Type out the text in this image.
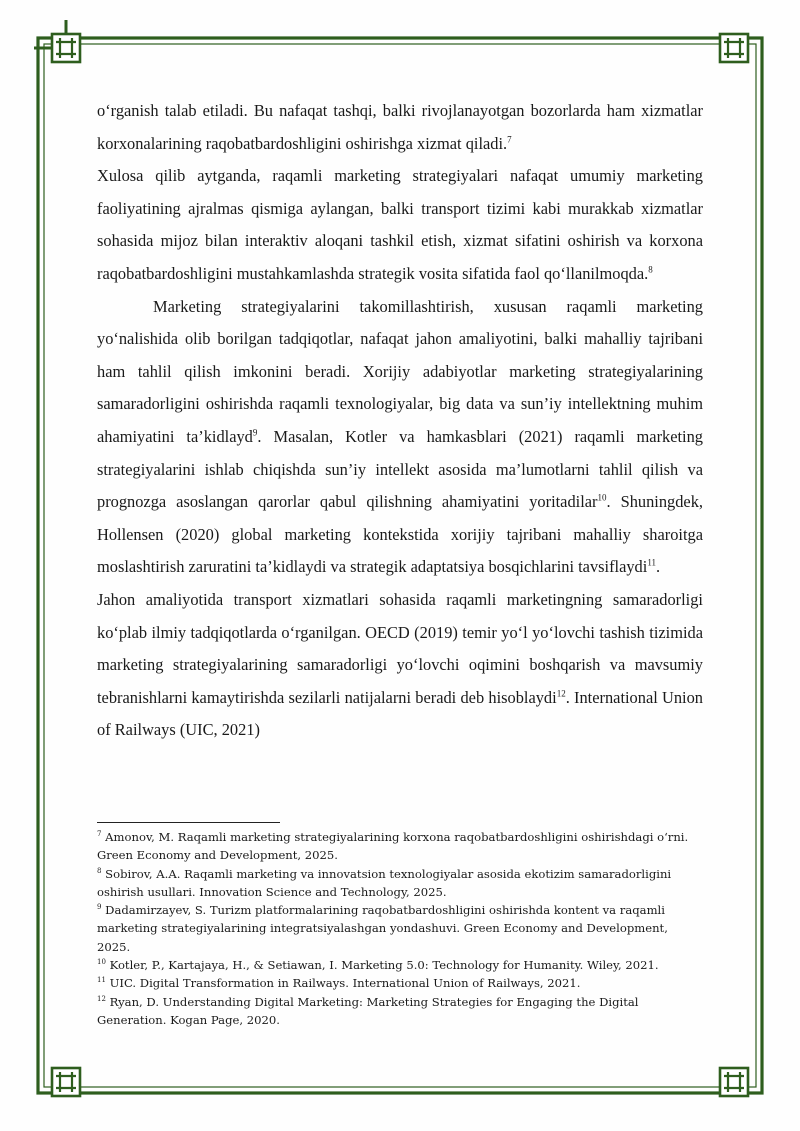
oʻrganish talab etiladi. Bu nafaqat tashqi, balki rivojlanayotgan bozorlarda ham xizmatlar korxonalarining raqobatbardoshligini oshirishga xizmat qiladi.$^7$

Xulosa qilib aytganda, raqamli marketing strategiyalari nafaqat umumiy marketing faoliyatining ajralmas qismiga aylangan, balki transport tizimi kabi murakkab xizmatlar sohasida mijoz bilan interaktiv aloqani tashkil etish, xizmat sifatini oshirish va korxona raqobatbardoshligini mustahkamlashda strategik vosita sifatida faol qoʻllanilmoqda.$^8$

Marketing strategiyalarini takomillashtirish, xususan raqamli marketing yoʻnalishida olib borilgan tadqiqotlar, nafaqat jahon amaliyotini, balki mahalliy tajribani ham tahlil qilish imkonini beradi. Xorijiy adabiyotlar marketing strategiyalarining samaradorligini oshirishda raqamli texnologiyalar, big data va sun’iy intellektning muhim ahamiyatini ta’kidlayd$^9$. Masalan, Kotler va hamkasblari (2021) raqamli marketing strategiyalarini ishlab chiqishda sun’iy intellekt asosida ma’lumotlarni tahlil qilish va prognozga asoslangan qarorlar qabul qilishning ahamiyatini yoritadilar$^{10}$. Shuningdek, Hollensen (2020) global marketing kontekstida xorijiy tajribani mahalliy sharoitga moslashtirish zaruratini ta’kidlaydi va strategik adaptatsiya bosqichlarini tavsiflaydi$^{11}$.

Jahon amaliyotida transport xizmatlari sohasida raqamli marketingning samaradorligi koʻplab ilmiy tadqiqotlarda oʻrganilgan. OECD (2019) temir yoʻl yoʻlovchi tashish tizimida marketing strategiyalarining samaradorligi yoʻlovchi oqimini boshqarish va mavsumiy tebranishlarni kamaytirishda sezilarli natijalarni beradi deb hisoblaydi$^{12}$. International Union of Railways (UIC, 2021)

$^7$ Amonov, M. Raqamli marketing strategiyalarining korxona raqobatbardoshligini oshirishdagi oʻrni. Green Economy and Development, 2025.
$^8$ Sobirov, A.A. Raqamli marketing va innovatsion texnologiyalar asosida ekotizim samaradorligini oshirish usullari. Innovation Science and Technology, 2025.
$^9$ Dadamirzayev, S. Turizm platformalarining raqobatbardoshligini oshirishda kontent va raqamli marketing strategiyalarining integratsiyalashgan yondashuvi. Green Economy and Development, 2025.
$^{10}$ Kotler, P., Kartajaya, H., & Setiawan, I. Marketing 5.0: Technology for Humanity. Wiley, 2021.
$^{11}$ UIC. Digital Transformation in Railways. International Union of Railways, 2021.
$^{12}$ Ryan, D. Understanding Digital Marketing: Marketing Strategies for Engaging the Digital Generation. Kogan Page, 2020.
